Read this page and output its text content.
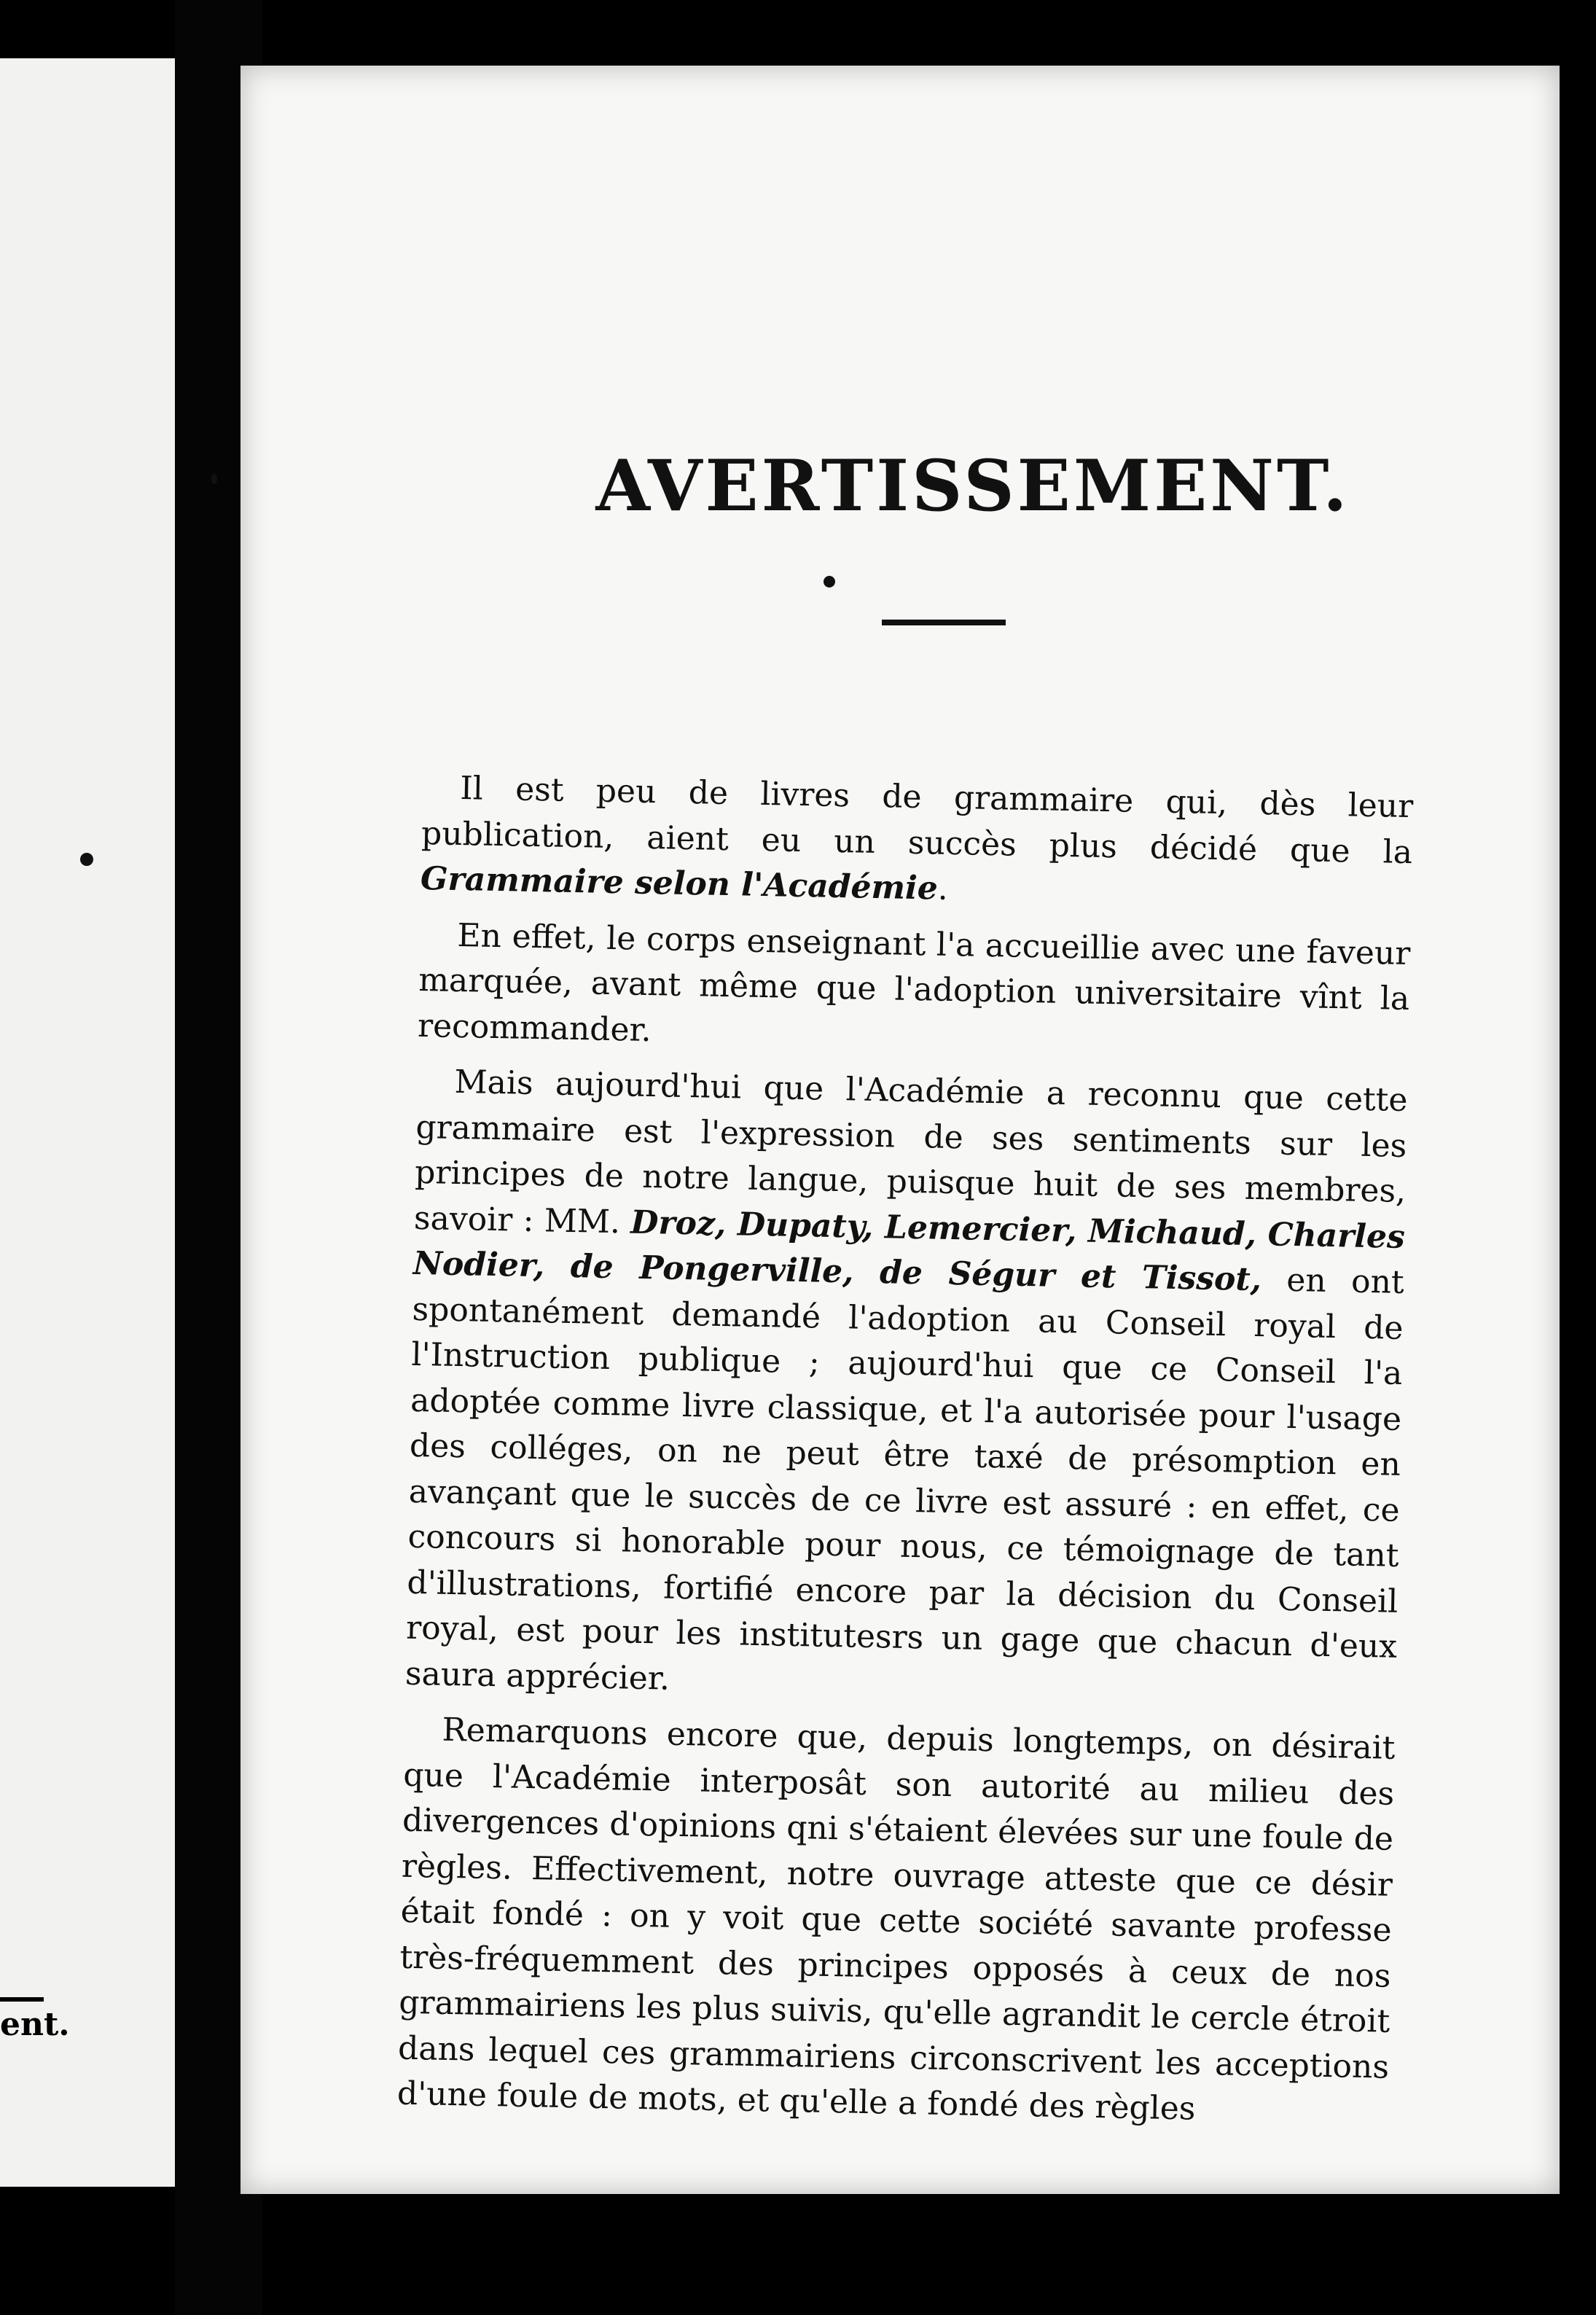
ent.
AVERTISSEMENT.

Il est peu de livres de grammaire qui, dès leur publication, aient eu un succès plus décidé que la Grammaire selon l'Académie.

En effet, le corps enseignant l'a accueillie avec une faveur marquée, avant même que l'adoption universitaire vînt la recommander.

Mais aujourd'hui que l'Académie a reconnu que cette grammaire est l'expression de ses sentiments sur les principes de notre langue, puisque huit de ses membres, savoir : MM. Droz, Dupaty, Lemercier, Michaud, Charles Nodier, de Pongerville, de Ségur et Tissot, en ont spontanément demandé l'adoption au Conseil royal de l'Instruction publique ; aujourd'hui que ce Conseil l'a adoptée comme livre classique, et l'a autorisée pour l'usage des colléges, on ne peut être taxé de présomption en avançant que le succès de ce livre est assuré : en effet, ce concours si honorable pour nous, ce témoignage de tant d'illustrations, fortifié encore par la décision du Conseil royal, est pour les institutesrs un gage que chacun d'eux saura apprécier.

Remarquons encore que, depuis longtemps, on désirait que l'Académie interposât son autorité au milieu des divergences d'opinions qni s'étaient élevées sur une foule de règles. Effectivement, notre ouvrage atteste que ce désir était fondé : on y voit que cette société savante professe très-fréquemment des principes opposés à ceux de nos grammairiens les plus suivis, qu'elle agrandit le cercle étroit dans lequel ces grammairiens circonscrivent les acceptions d'une foule de mots, et qu'elle a fondé des règles
